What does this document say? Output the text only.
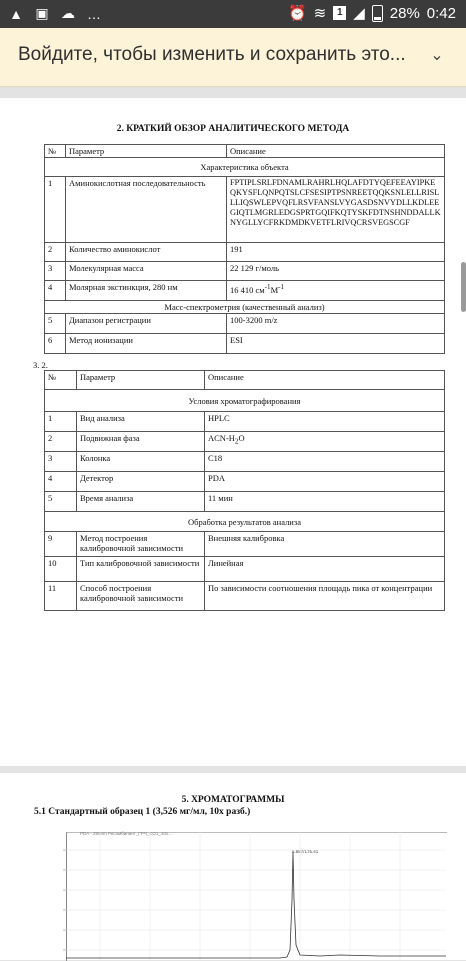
▲ ▣ ☁ …	⏰ ≋	1 ◢ 28% 0:42
Войдите, чтобы изменить и сохранить это... ⌄
2. КРАТКИЙ ОБЗОР АНАЛИТИЧЕСКОГО МЕТОДА
№	Параметр	Описание
Характеристика объекта		
1	Аминокислотная последовательность	FPTIPLSRLFDNAMLRAHRLHQLAFDTYQEFEEAYIPKEQKYSFLQNPQTSLCFSESIPTPSNREETQQKSNLELLRISLLLIQSWLEPVQFLRSVFANSLVYGASDSNVYDLLKDLEEGIQTLMGRLEDGSPRTGQIFKQTYSKFDTNSHNDDALLKNYGLLYCFRKDMDKVETFLRIVQCRSVEGSCGF
2	Количество аминокислот	191
3	Молекулярная масса	22 129 г/моль
4	Молярная экстинкция, 280 нм	16 410 $см^{-1}M^{-1}$
Масс-спектрометрия (качественный анализ)		
5	Диапазон регистрации	100-3200 m/z
6	Метод ионизации	ESI
3. 2.
№	Параметр	Описание
Условия хроматографирования		
1	Вид анализа	HPLC
2	Подвижная фаза	ACN-$H_2O$
3	Колонка	C18
4	Детектор	PDA
5	Время анализа	11 мин
Обработка результатов анализа		
9	Метод построения калибровочной зависимости	Внешняя калибровка
10	Тип калибровочной зависимости	Линейная
11	Способ построения калибровочной зависимости	По зависимости соотношения площадь пика от концентрации
5. ХРОМАТОГРАММЫ
5.1 Стандартный образец 1 (3,526 мг/мл, 10х разб.)
PDA - 280nm Ресомбинант_ГРЧ_СО1_10x...
5.887/175.41
